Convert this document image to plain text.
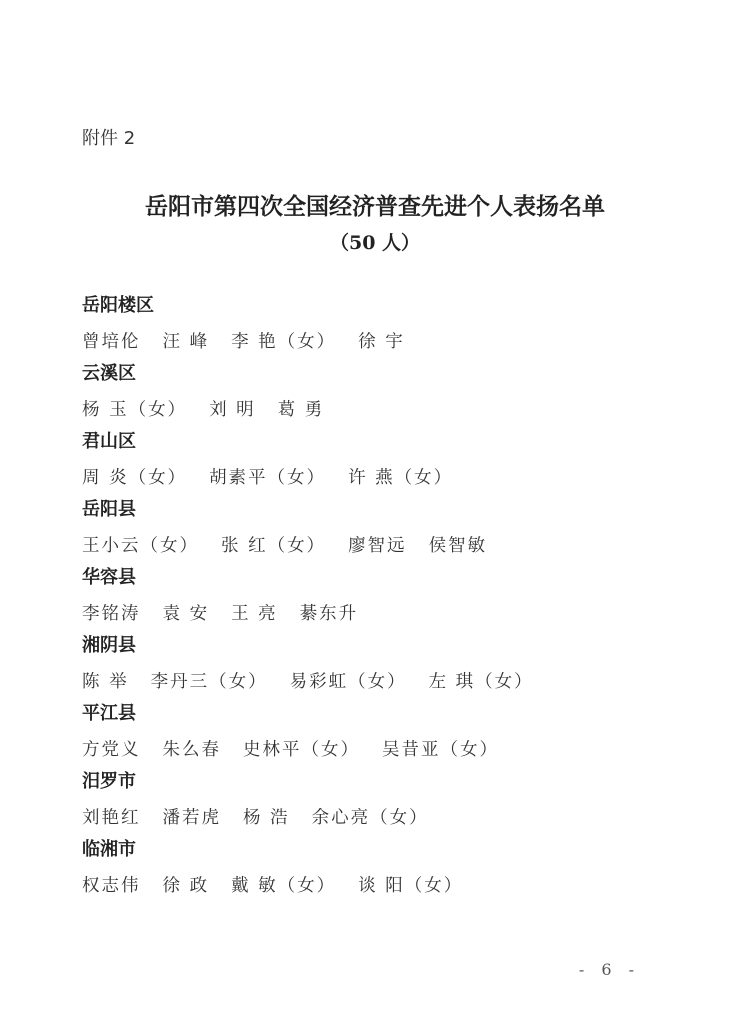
附件 2
岳阳市第四次全国经济普查先进个人表扬名单
（50 人）
岳阳楼区
曾培伦 汪 峰 李 艳（女） 徐 宇
云溪区
杨 玉（女） 刘 明 葛 勇
君山区
周 炎（女） 胡素平（女） 许 燕（女）
岳阳县
王小云（女） 张 红（女） 廖智远 侯智敏
华容县
李铭涛 袁 安 王 亮 綦东升
湘阴县
陈 举 李丹三（女） 易彩虹（女） 左 琪（女）
平江县
方党义 朱么春 史林平（女） 吴昔亚（女）
汨罗市
刘艳红 潘若虎 杨 浩 余心亮（女）
临湘市
权志伟 徐 政 戴 敏（女） 谈 阳（女）
- 6 -
